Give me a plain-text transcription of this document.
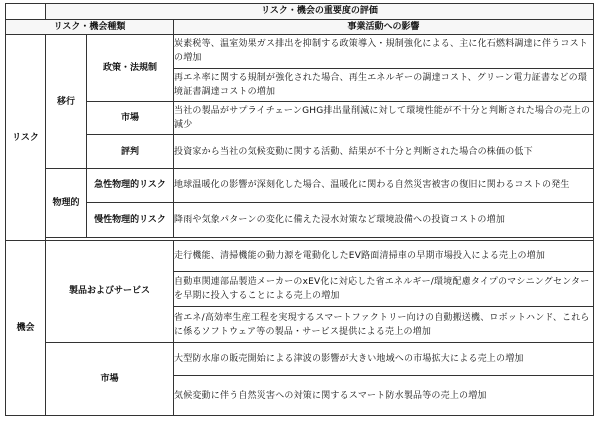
	リスク・機会の重要度の評価		
リスク・機会種類			事業活動への影響
リスク	移行	政策・法規制	炭素税等、温室効果ガス排出を抑制する政策導入・規制強化による、主に化石燃料調達に伴うコストの増加
			再エネ率に関する規制が強化された場合、再生エネルギーの調達コスト、グリーン電力証書などの環境証書調達コストの増加
		市場	当社の製品がサプライチェーンGHG排出量削減に対して環境性能が不十分と判断された場合の売上の減少
		評判	投資家から当社の気候変動に関する活動、結果が不十分と判断された場合の株価の低下
	物理的	急性物理的リスク	地球温暖化の影響が深刻化した場合、温暖化に関わる自然災害被害の復旧に関わるコストの発生
		慢性物理的リスク	降雨や気象パターンの変化に備えた浸水対策など環境設備への投資コストの増加

機会	製品およびサービス		走行機能、清掃機能の動力源を電動化したEV路面清掃車の早期市場投入による売上の増加
			自動車関連部品製造メーカーのxEV化に対応した省エネルギー/環境配慮タイプのマシニングセンターを早期に投入することによる売上の増加
			省エネ/高効率生産工程を実現するスマートファクトリー向けの自動搬送機、ロボットハンド、これらに係るソフトウェア等の製品・サービス提供による売上の増加
	市場		大型防水扉の販売開始による津波の影響が大きい地域への市場拡大による売上の増加
			気候変動に伴う自然災害への対策に関するスマート防水製品等の売上の増加
